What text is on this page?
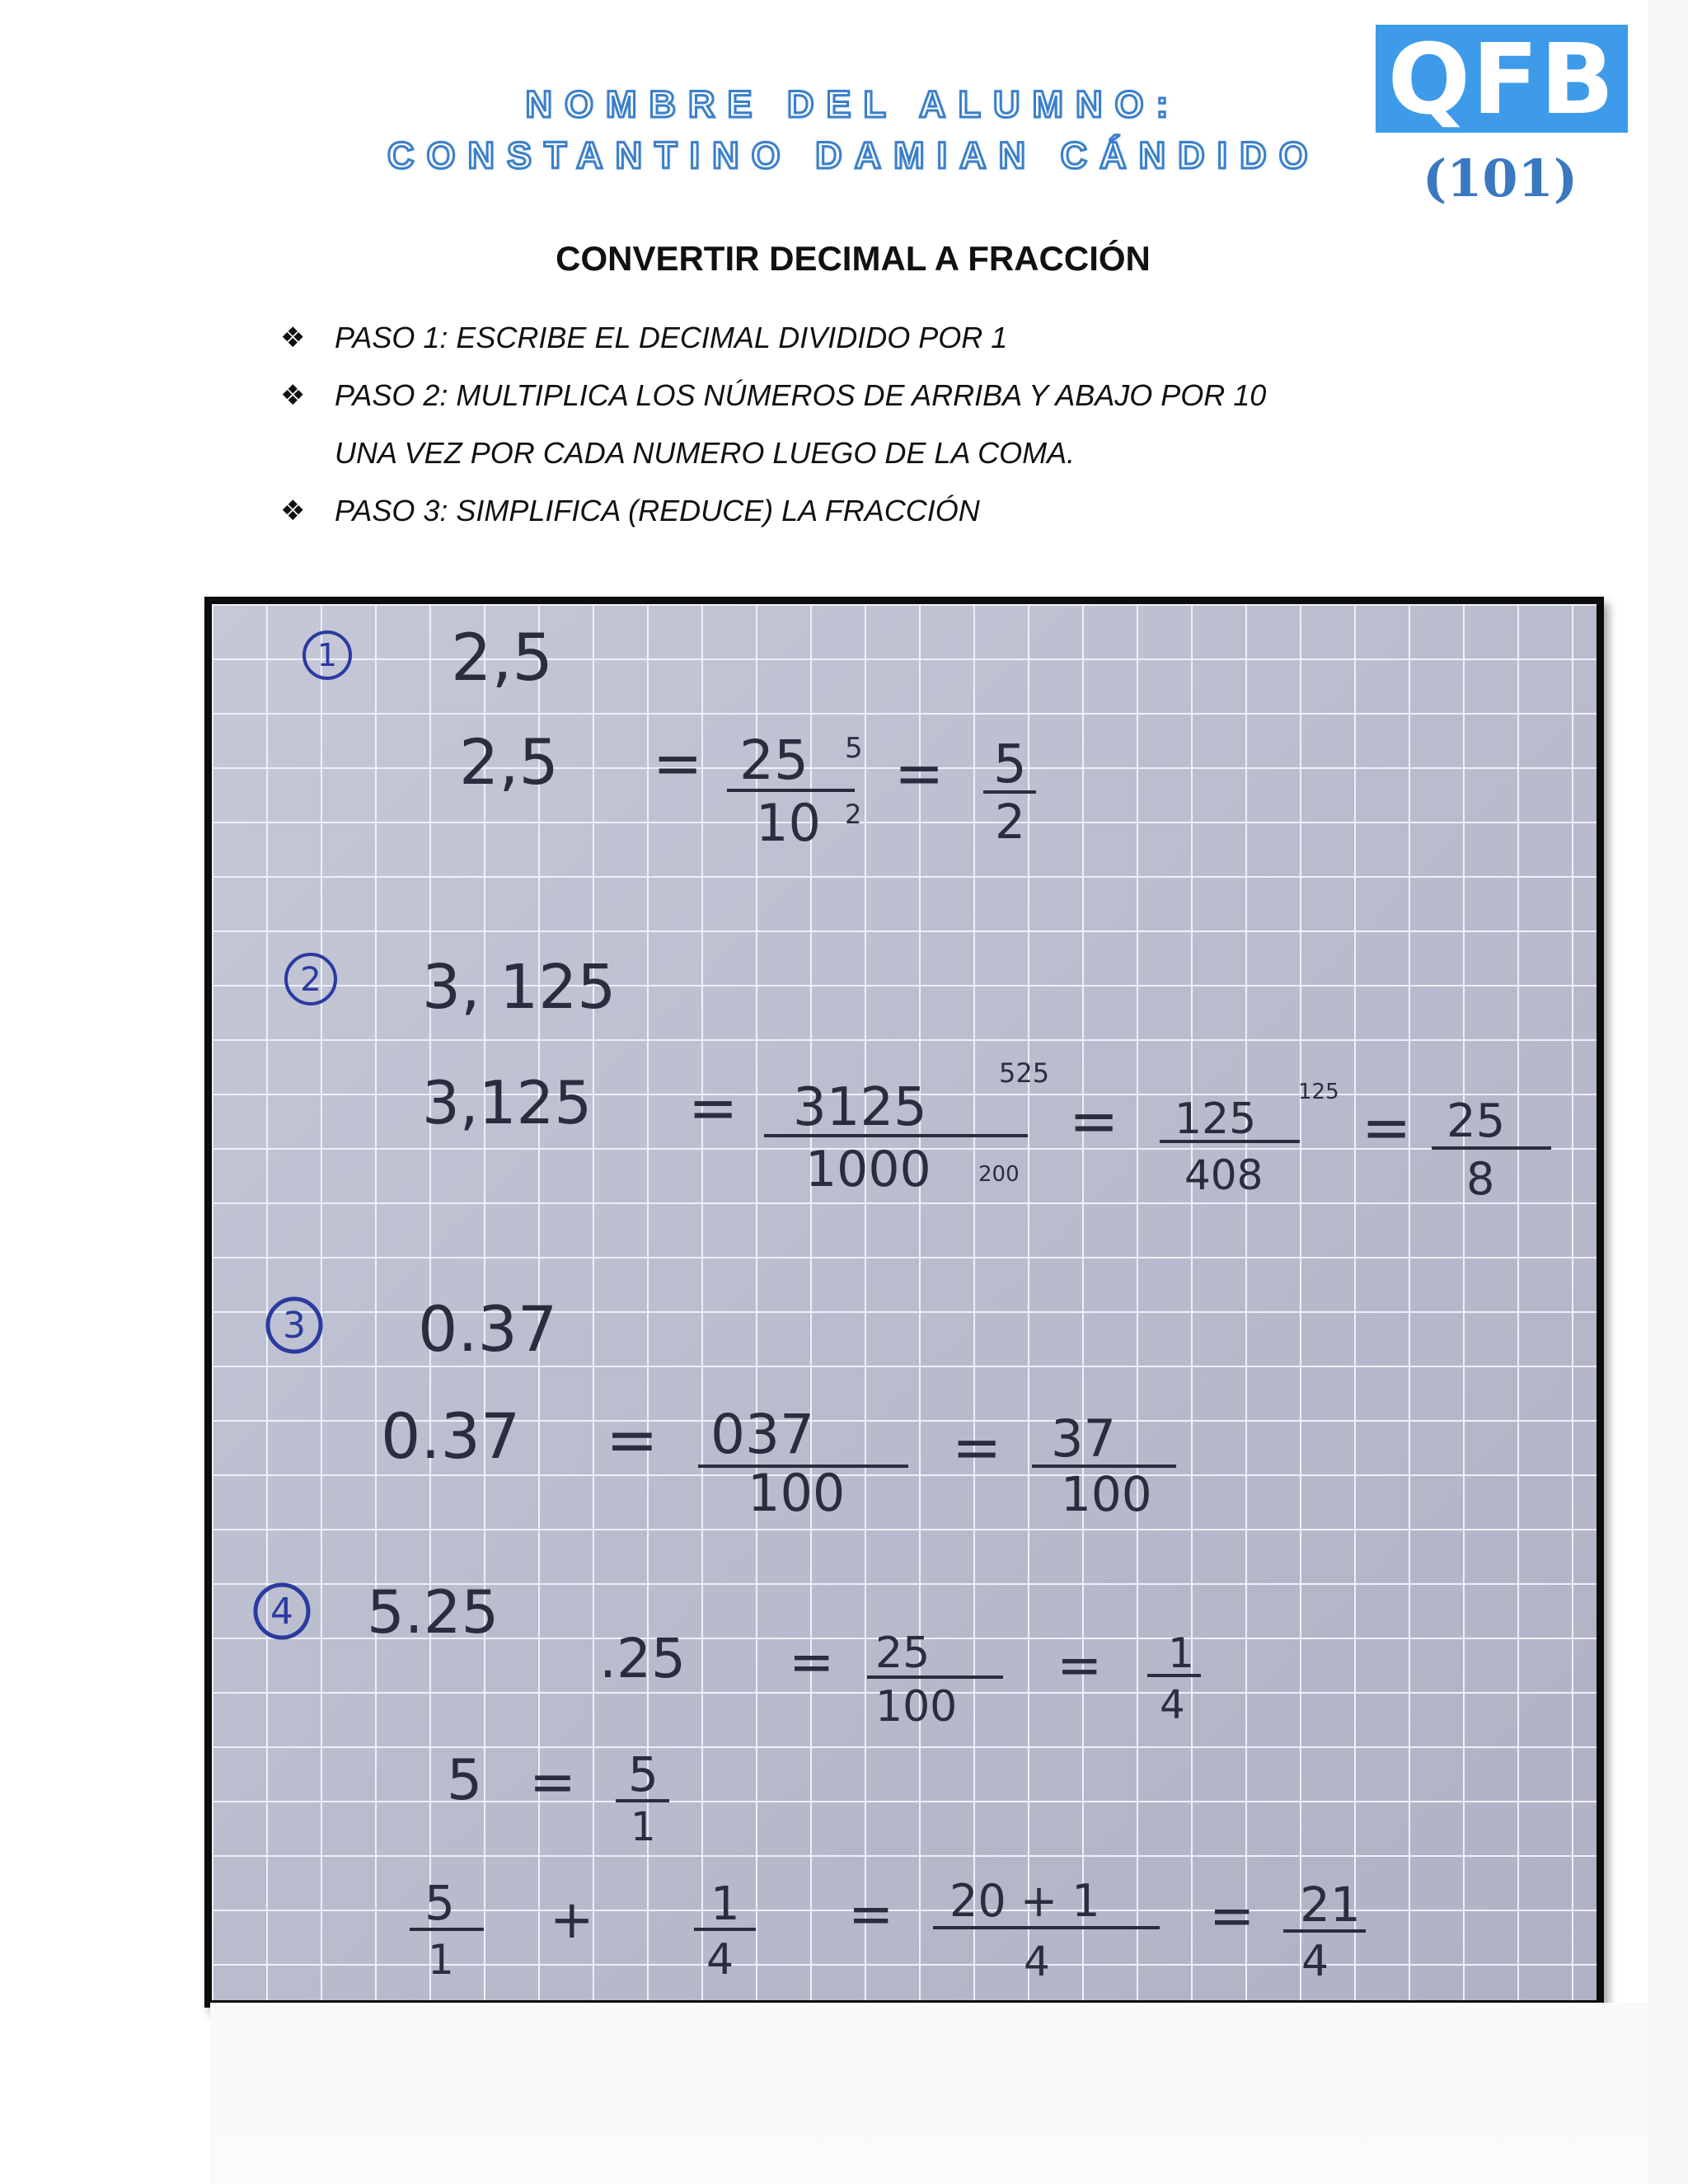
NOMBRE DEL ALUMNO:
CONSTANTINO DAMIAN CÁNDIDO
QFB
(101)
CONVERTIR DECIMAL A FRACCIÓN
❖ PASO 1: ESCRIBE EL DECIMAL DIVIDIDO POR 1
❖ PASO 2: MULTIPLICA LOS NÚMEROS DE ARRIBA Y ABAJO POR 10
UNA VEZ POR CADA NUMERO LUEGO DE LA COMA.
❖ PASO 3: SIMPLIFICA (REDUCE) LA FRACCIÓN
1 2,5
2,5 = 25 5
10 2
= 5
2
2 3, 125
3,125 = 3125
525
1000 200
= 125
125
408
= 25
8
3 0.37
0.37 = 037
100
= 37
100
4 5.25
.25 = 25
100
= 1
4
5 = 5
1
5
1
+	1
4
= 20 + 1
4
= 21
4
